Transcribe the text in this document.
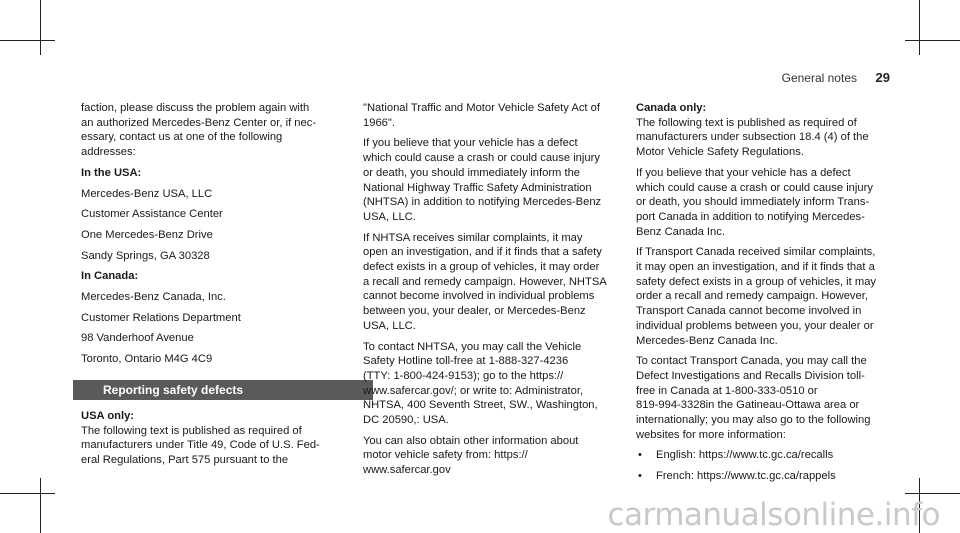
General notes 29

faction, please discuss the problem again with

an authorized Mercedes-Benz Center or, if nec-

essary, contact us at one of the following

addresses:

In the USA:

Mercedes-Benz USA, LLC

Customer Assistance Center

One Mercedes-Benz Drive

Sandy Springs, GA 30328

In Canada:

Mercedes-Benz Canada, Inc.

Customer Relations Department

98 Vanderhoof Avenue

Toronto, Ontario M4G 4C9

Reporting safety defects

USA only:

The following text is published as required of

manufacturers under Title 49, Code of U.S. Fed-

eral Regulations, Part 575 pursuant to the

"National Traffic and Motor Vehicle Safety Act of

1966".

If you believe that your vehicle has a defect

which could cause a crash or could cause injury

or death, you should immediately inform the

National Highway Traffic Safety Administration

(NHTSA) in addition to notifying Mercedes-Benz

USA, LLC.

If NHTSA receives similar complaints, it may

open an investigation, and if it finds that a safety

defect exists in a group of vehicles, it may order

a recall and remedy campaign. However, NHTSA

cannot become involved in individual problems

between you, your dealer, or Mercedes-Benz

USA, LLC.

To contact NHTSA, you may call the Vehicle

Safety Hotline toll-free at 1-888-327-4236

(TTY: 1-800-424-9153); go to the https://

www.safercar.gov/; or write to: Administrator,

NHTSA, 400 Seventh Street, SW., Washington,

DC 20590,: USA.

You can also obtain other information about

motor vehicle safety from: https://

www.safercar.gov

Canada only:

The following text is published as required of

manufacturers under subsection 18.4 (4) of the

Motor Vehicle Safety Regulations.

If you believe that your vehicle has a defect

which could cause a crash or could cause injury

or death, you should immediately inform Trans-

port Canada in addition to notifying Mercedes-

Benz Canada Inc.

If Transport Canada received similar complaints,

it may open an investigation, and if it finds that a

safety defect exists in a group of vehicles, it may

order a recall and remedy campaign. However,

Transport Canada cannot become involved in

individual problems between you, your dealer or

Mercedes-Benz Canada Inc.

To contact Transport Canada, you may call the

Defect Investigations and Recalls Division toll-

free in Canada at 1-800-333-0510 or

819-994-3328in the Gatineau-Ottawa area or

internationally; you may also go to the following

websites for more information:

• English: https://www.tc.gc.ca/recalls

• French: https://www.tc.gc.ca/rappels

carmanualsonline.info
